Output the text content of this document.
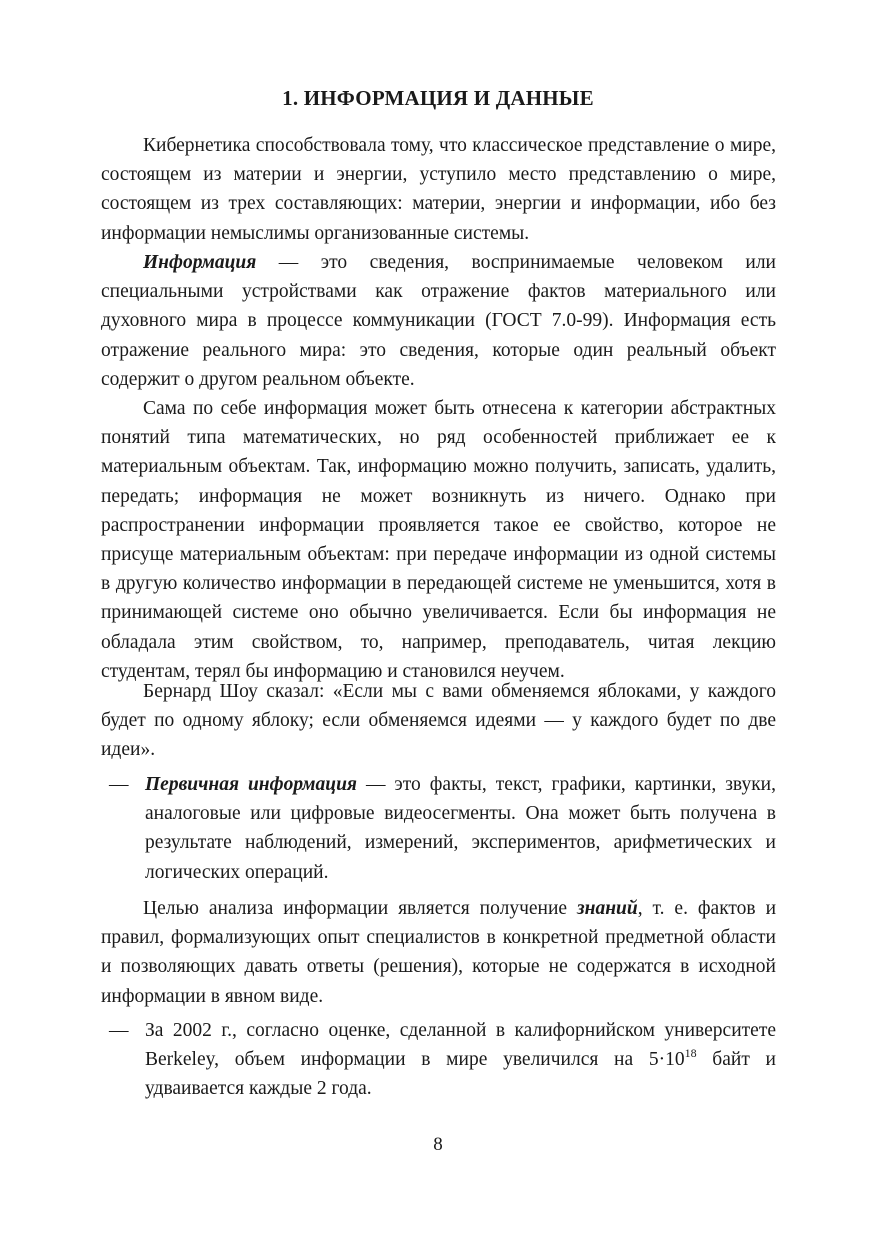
1. ИНФОРМАЦИЯ И ДАННЫЕ

Кибернетика способствовала тому, что классическое представление о мире, состоящем из материи и энергии, уступило место представлению о мире, состоящем из трех составляющих: материи, энергии и информации, ибо без информации немыслимы организованные системы.

Информация — это сведения, воспринимаемые человеком или специальными устройствами как отражение фактов материального или духовного мира в процессе коммуникации (ГОСТ 7.0-99). Информация есть отражение реального мира: это сведения, которые один реальный объект содержит о другом реальном объекте.

Сама по себе информация может быть отнесена к категории абстрактных понятий типа математических, но ряд особенностей приближает ее к материальным объектам. Так, информацию можно получить, записать, удалить, передать; информация не может возникнуть из ничего. Однако при распространении информации проявляется такое ее свойство, которое не присуще материальным объектам: при передаче информации из одной системы в другую количество информации в передающей системе не уменьшится, хотя в принимающей системе оно обычно увеличивается. Если бы информация не обладала этим свойством, то, например, преподаватель, читая лекцию студентам, терял бы информацию и становился неучем.

Бернард Шоу сказал: «Если мы с вами обменяемся яблоками, у каждого будет по одному яблоку; если обменяемся идеями — у каждого будет по две идеи».

— Первичная информация — это факты, текст, графики, картинки, звуки, аналоговые или цифровые видеосегменты. Она может быть получена в результате наблюдений, измерений, экспериментов, арифметических и логических операций.

Целью анализа информации является получение знаний, т. е. фактов и правил, формализующих опыт специалистов в конкретной предметной области и позволяющих давать ответы (решения), которые не содержатся в исходной информации в явном виде.

— За 2002 г., согласно оценке, сделанной в калифорнийском университете Berkeley, объем информации в мире увеличился на $5\cdot 10^{18}$ байт и удваивается каждые 2 года.
8
